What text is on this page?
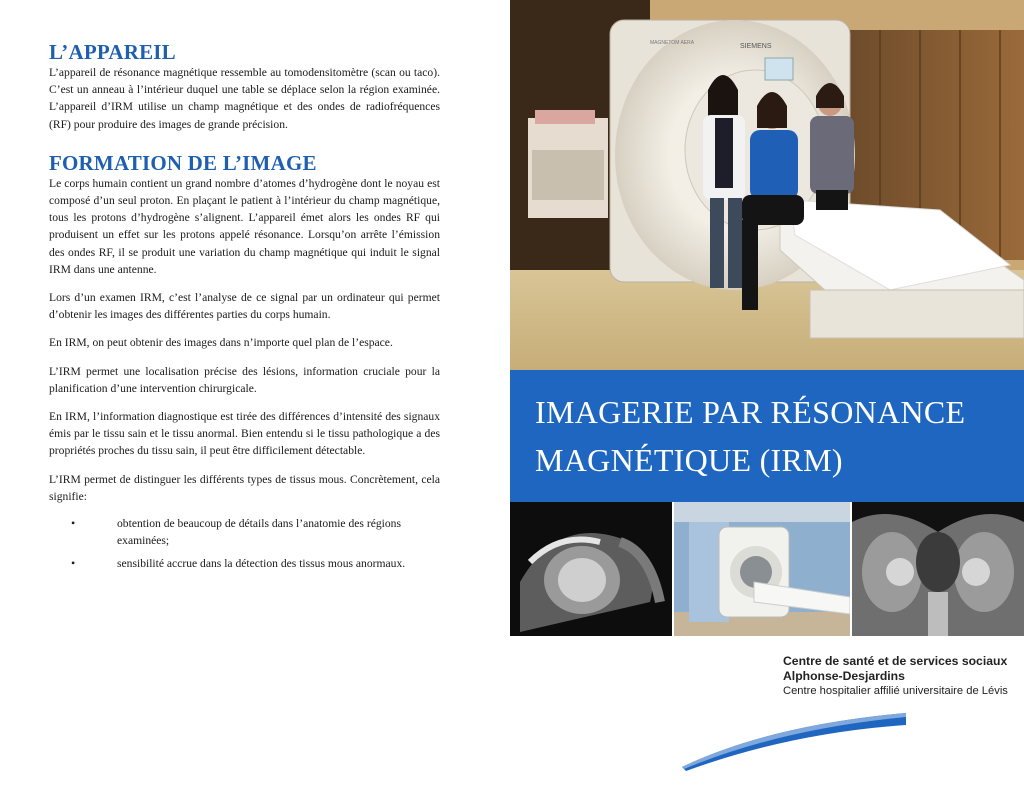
L’APPAREIL

L’appareil de résonance magnétique ressemble au tomodensitomètre (scan ou taco). C’est un anneau à l’intérieur duquel une table se déplace selon la région examinée. L’appareil d’IRM utilise un champ magnétique et des ondes de radiofréquences (RF) pour produire des images de grande précision.

FORMATION DE L’IMAGE

Le corps humain contient un grand nombre d’atomes d’hydrogène dont le noyau est composé d’un seul proton. En plaçant le patient à l’intérieur du champ magnétique, tous les protons d’hydrogène s’alignent. L’appareil émet alors les ondes RF qui produisent un effet sur les protons appelé résonance. Lorsqu’on arrête l’émission des ondes RF, il se produit une variation du champ magnétique qui induit le signal IRM dans une antenne.

Lors d’un examen IRM, c’est l’analyse de ce signal par un ordinateur qui permet d’obtenir les images des différentes parties du corps humain.

En IRM, on peut obtenir des images dans n’importe quel plan de l’espace.

L’IRM permet une localisation précise des lésions, information cruciale pour la planification d’une intervention chirurgicale.

En IRM, l’information diagnostique est tirée des différences d’intensité des signaux émis par le tissu sain et le tissu anormal. Bien entendu si le tissu pathologique a des propriétés proches du tissu sain, il peut être difficilement détectable.

L’IRM permet de distinguer les différents types de tissus mous. Concrètement, cela signifie:

•	obtention de beaucoup de détails dans l’anatomie des régions examinées;
•	sensibilité accrue dans la détection des tissus mous anormaux.
SIEMENS
MAGNETOM AERA
IMAGERIE PAR RÉSONANCE
MAGNÉTIQUE (IRM)
Centre de santé et de services sociaux
Alphonse-Desjardins
Centre hospitalier affilié universitaire de Lévis
